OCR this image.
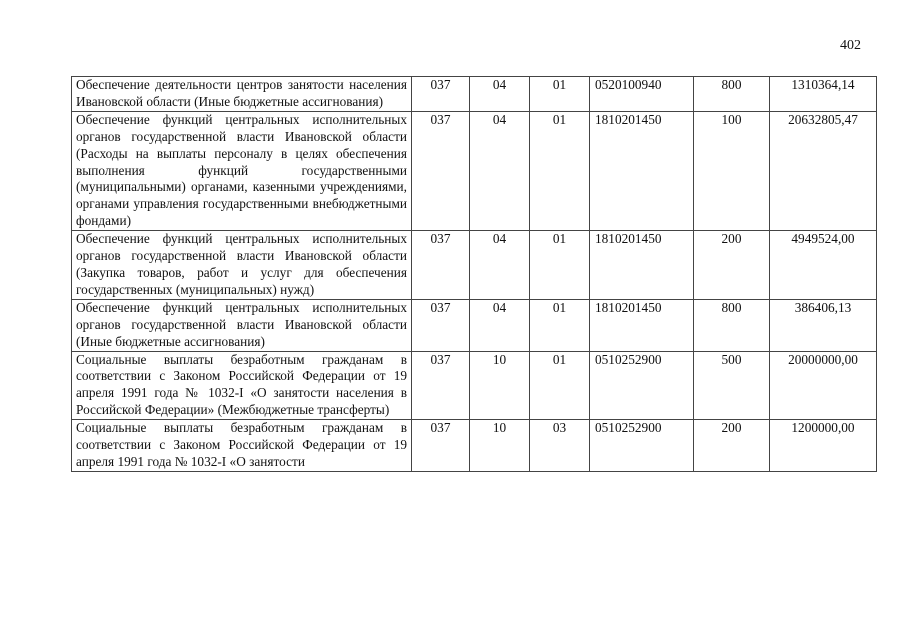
402
Обеспечение деятельности центров занятости населения Ивановской области (Иные бюджетные ассигнования)	037	04	01	0520100940	800	1310364,14
Обеспечение функций центральных исполнительных органов государственной власти Ивановской области (Расходы на выплаты персоналу в целях обеспечения выполнения функций государственными (муниципальными) органами, казенными учреждениями, органами управления государственными внебюджетными фондами)	037	04	01	1810201450	100	20632805,47
Обеспечение функций центральных исполнительных органов государственной власти Ивановской области (Закупка товаров, работ и услуг для обеспечения государственных (муниципальных) нужд)	037	04	01	1810201450	200	4949524,00
Обеспечение функций центральных исполнительных органов государственной власти Ивановской области (Иные бюджетные ассигнования)	037	04	01	1810201450	800	386406,13
Социальные выплаты безработным гражданам в соответствии с Законом Российской Федерации от 19 апреля 1991 года № 1032-I «О занятости населения в Российской Федерации» (Межбюджетные трансферты)	037	10	01	0510252900	500	20000000,00
Социальные выплаты безработным гражданам в соответствии с Законом Российской Федерации от 19 апреля 1991 года № 1032-I «О занятости	037	10	03	0510252900	200	1200000,00
